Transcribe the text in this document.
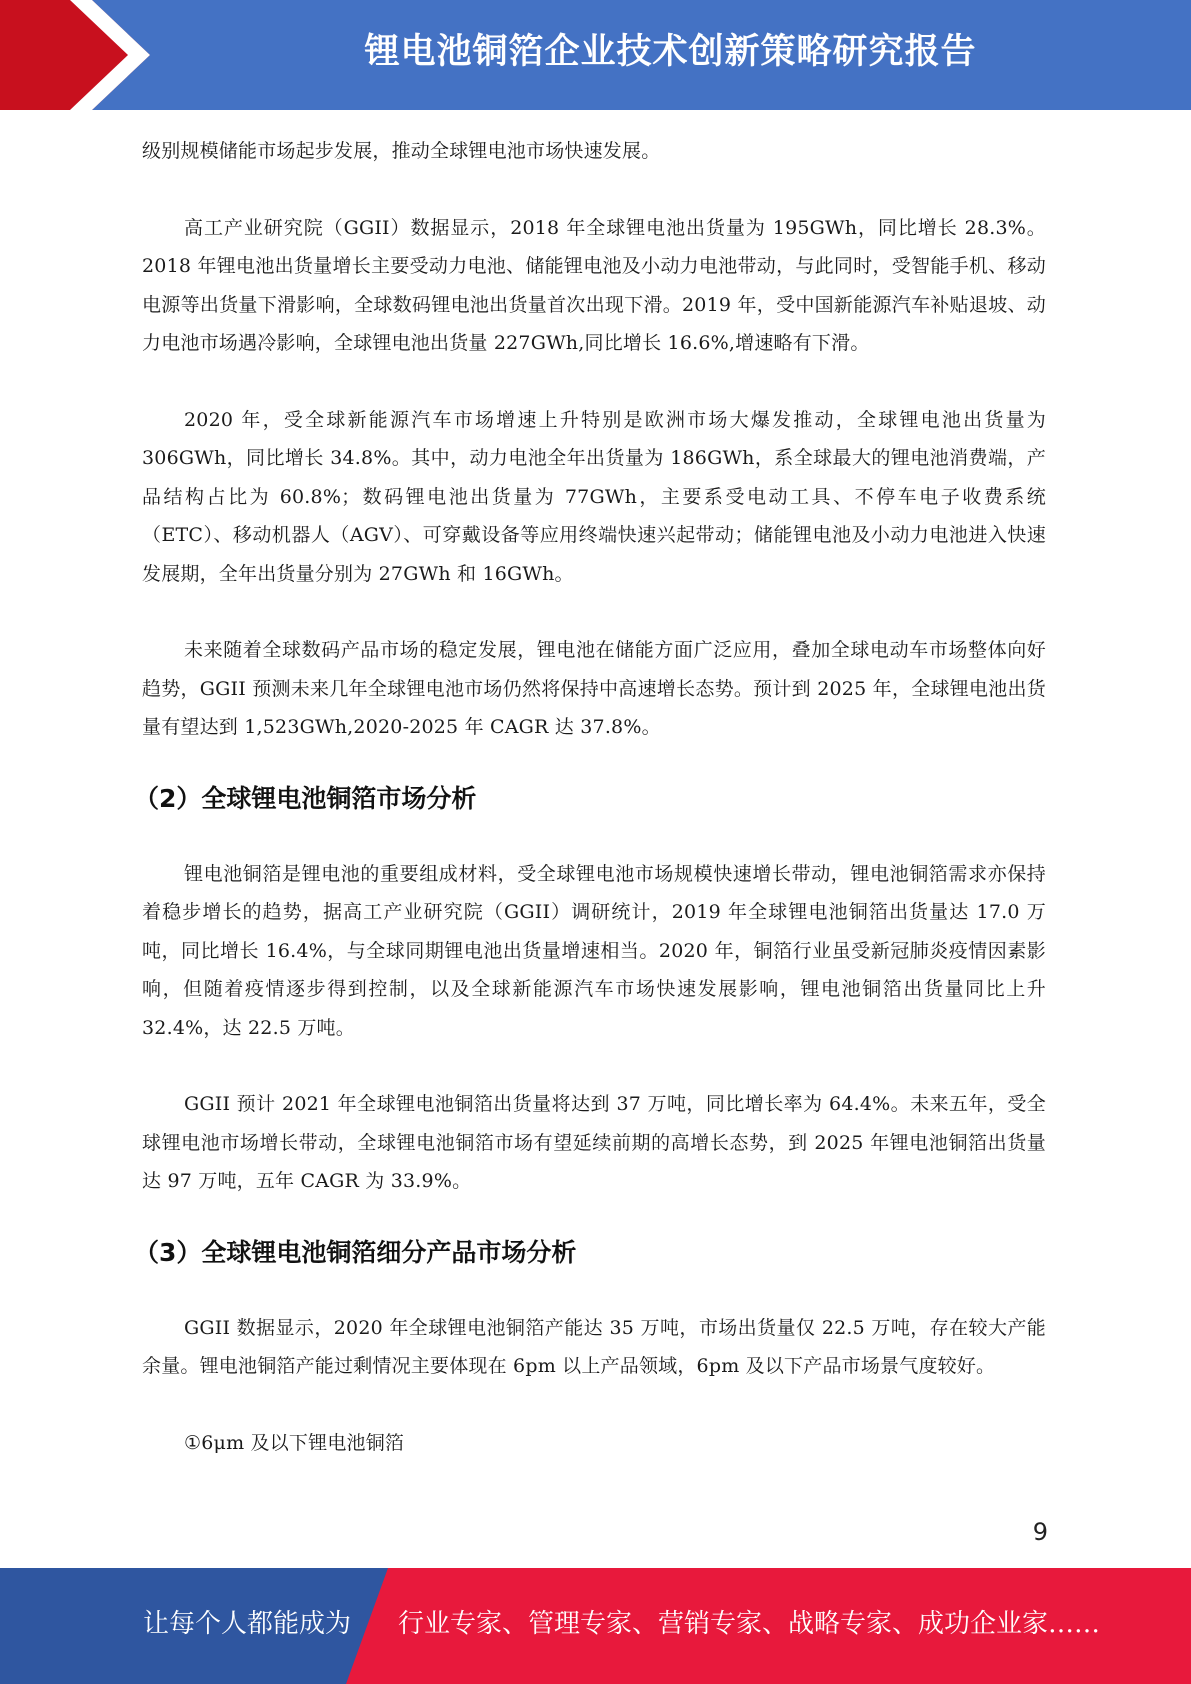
锂电池铜箔企业技术创新策略研究报告

级别规模储能市场起步发展，推动全球锂电池市场快速发展。

高工产业研究院（GGII）数据显示，2018 年全球锂电池出货量为 195GWh，同比增长 28.3%。2018 年锂电池出货量增长主要受动力电池、储能锂电池及小动力电池带动，与此同时，受智能手机、移动电源等出货量下滑影响，全球数码锂电池出货量首次出现下滑。2019 年，受中国新能源汽车补贴退坡、动力电池市场遇冷影响，全球锂电池出货量 227GWh,同比增长 16.6%,增速略有下滑。

2020 年，受全球新能源汽车市场增速上升特别是欧洲市场大爆发推动，全球锂电池出货量为 306GWh，同比增长 34.8%。其中，动力电池全年出货量为 186GWh，系全球最大的锂电池消费端，产品结构占比为 60.8%；数码锂电池出货量为 77GWh，主要系受电动工具、不停车电子收费系统（ETC）、移动机器人（AGV）、可穿戴设备等应用终端快速兴起带动；储能锂电池及小动力电池进入快速发展期，全年出货量分别为 27GWh 和 16GWh。

未来随着全球数码产品市场的稳定发展，锂电池在储能方面广泛应用，叠加全球电动车市场整体向好趋势，GGII 预测未来几年全球锂电池市场仍然将保持中高速增长态势。预计到 2025 年，全球锂电池出货量有望达到 1,523GWh,2020-2025 年 CAGR 达 37.8%。

（2）全球锂电池铜箔市场分析

锂电池铜箔是锂电池的重要组成材料，受全球锂电池市场规模快速增长带动，锂电池铜箔需求亦保持着稳步增长的趋势，据高工产业研究院（GGII）调研统计，2019 年全球锂电池铜箔出货量达 17.0 万吨，同比增长 16.4%，与全球同期锂电池出货量增速相当。2020 年，铜箔行业虽受新冠肺炎疫情因素影响，但随着疫情逐步得到控制，以及全球新能源汽车市场快速发展影响，锂电池铜箔出货量同比上升 32.4%，达 22.5 万吨。

GGII 预计 2021 年全球锂电池铜箔出货量将达到 37 万吨，同比增长率为 64.4%。未来五年，受全球锂电池市场增长带动，全球锂电池铜箔市场有望延续前期的高增长态势，到 2025 年锂电池铜箔出货量达 97 万吨，五年 CAGR 为 33.9%。

（3）全球锂电池铜箔细分产品市场分析

GGII 数据显示，2020 年全球锂电池铜箔产能达 35 万吨，市场出货量仅 22.5 万吨，存在较大产能余量。锂电池铜箔产能过剩情况主要体现在 6pm 以上产品领域，6pm 及以下产品市场景气度较好。

①6μm 及以下锂电池铜箔

9
让每个人都能成为 行业专家、管理专家、营销专家、战略专家、成功企业家……
